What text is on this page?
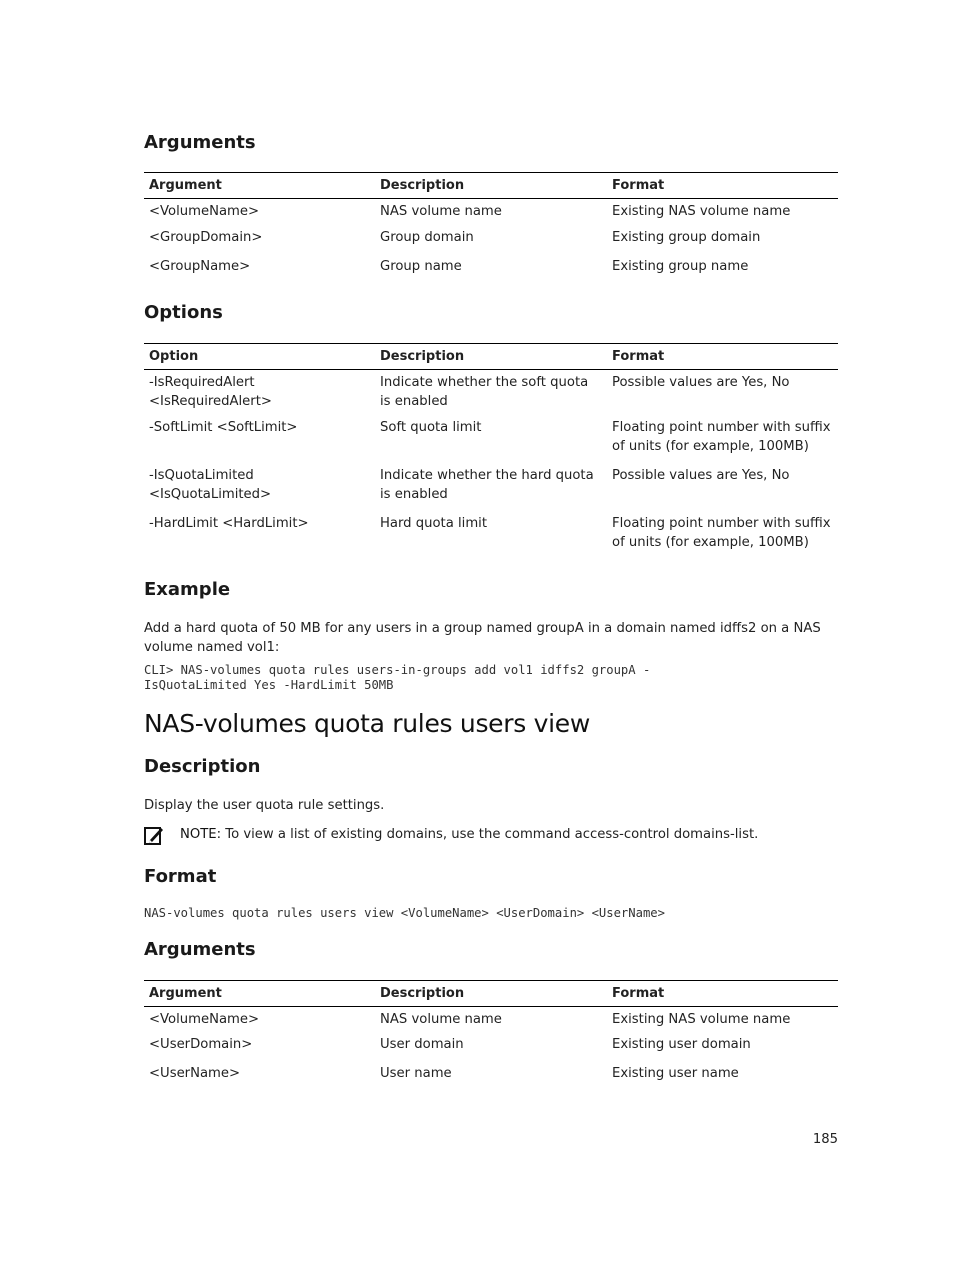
Arguments
Argument	Description	Format
<VolumeName>	NAS volume name	Existing NAS volume name
<GroupDomain>	Group domain	Existing group domain
<GroupName>	Group name	Existing group name
Options
Option	Description	Format
-IsRequiredAlert <IsRequiredAlert>	Indicate whether the soft quota is enabled	Possible values are Yes, No
-SoftLimit <SoftLimit>	Soft quota limit	Floating point number with suffix of units (for example, 100MB)
-IsQuotaLimited <IsQuotaLimited>	Indicate whether the hard quota is enabled	Possible values are Yes, No
-HardLimit <HardLimit>	Hard quota limit	Floating point number with suffix of units (for example, 100MB)
Example

Add a hard quota of 50 MB for any users in a group named groupA in a domain named idffs2 on a NAS volume named vol1:

CLI> NAS-volumes quota rules users-in-groups add vol1 idffs2 groupA -
IsQuotaLimited Yes -HardLimit 50MB
NAS-volumes quota rules users view
Description

Display the user quota rule settings.

NOTE: To view a list of existing domains, use the command access-control domains-list.
Format
NAS-volumes quota rules users view <VolumeName> <UserDomain> <UserName>
Arguments
Argument	Description	Format
<VolumeName>	NAS volume name	Existing NAS volume name
<UserDomain>	User domain	Existing user domain
<UserName>	User name	Existing user name
185
